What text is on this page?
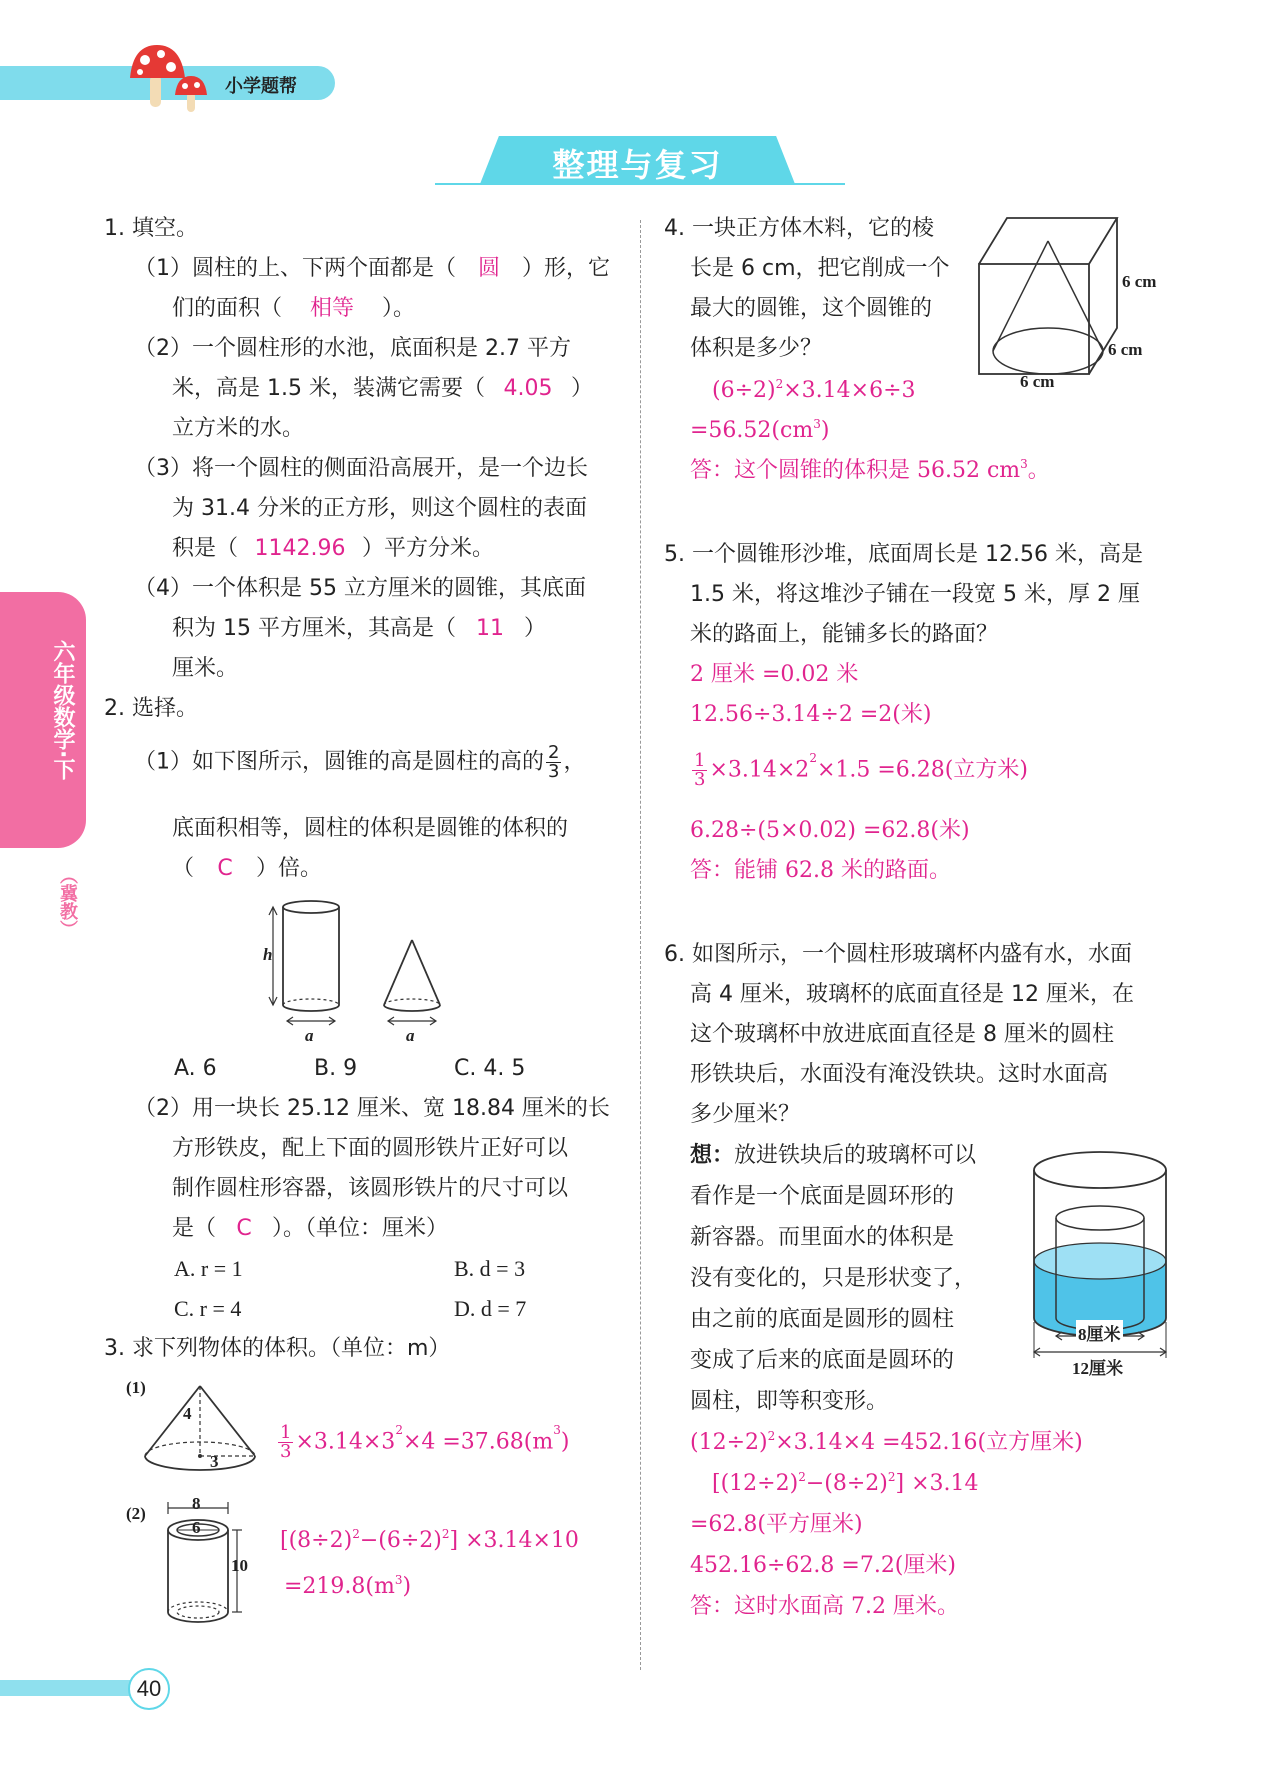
小学题帮
整理与复习
六年级数学·下
（冀教）
40
1. 填空。
（1）圆柱的上、下两个面都是（ 圆 ）形，它
们的面积（ 相等 ）。
（2）一个圆柱形的水池，底面积是 2.7 平方
米，高是 1.5 米，装满它需要（ 4.05 ）
立方米的水。
（3）将一个圆柱的侧面沿高展开，是一个边长
为 31.4 分米的正方形，则这个圆柱的表面
积是（ 1142.96 ）平方分米。
（4）一个体积是 55 立方厘米的圆锥，其底面
积为 15 平方厘米，其高是（ 11 ）
厘米。
2. 选择。
（1）如下图所示，圆锥的高是圆柱的高的 $\frac{2}{3}$ ，
底面积相等，圆柱的体积是圆锥的体积的
（ C ）倍。
h
a	a
A. 6	B. 9	C. 4. 5
（2）用一块长 25.12 厘米、宽 18.84 厘米的长
方形铁皮，配上下面的圆形铁片正好可以
制作圆柱形容器，该圆形铁片的尺寸可以
是（ C ）。（单位：厘米）
A. r = 1	B. d = 3
C. r = 4	D. d = 7
3. 求下列物体的体积。（单位：m）
(1)
4
3
$\frac{1}{3} \times 3.14\times 3^2\times 4 =37.68(m^3)$
(2)
8
6
10
$[(8\div 2)^2-(6\div 2)^2] \times 3.14\times 10$
$=219.8(m^3)$
4. 一块正方体木料，它的棱
长是 6 cm，把它削成一个
最大的圆锥，这个圆锥的
体积是多少？
6 cm
6 cm
6 cm
$(6\div 2)^2\times 3.14\times 6\div 3$
$=56.52(cm^3)$
答：这个圆锥的体积是 56.52 $cm^3$。
5. 一个圆锥形沙堆，底面周长是 12.56 米，高是
1.5 米，将这堆沙子铺在一段宽 5 米，厚 2 厘
米的路面上，能铺多长的路面？
2 厘米 =0.02 米
12.56÷3.14÷2 =2(米)
$\frac{1}{3} \times 3.14\times 2^2\times 1.5 =6.28$(立方米)
6.28÷(5×0.02) =62.8(米)
答：能铺 62.8 米的路面。
6. 如图所示，一个圆柱形玻璃杯内盛有水，水面
高 4 厘米，玻璃杯的底面直径是 12 厘米，在
这个玻璃杯中放进底面直径是 8 厘米的圆柱
形铁块后，水面没有淹没铁块。这时水面高
多少厘米？
想：放进铁块后的玻璃杯可以
看作是一个底面是圆环形的
新容器。而里面水的体积是
没有变化的，只是形状变了，
由之前的底面是圆形的圆柱
变成了后来的底面是圆环的
圆柱，即等积变形。
8厘米
12厘米
$(12\div 2)^2\times 3.14\times 4 =452.16$(立方厘米)
$[(12\div 2)^2-(8\div 2)^2] \times 3.14$
=62.8(平方厘米)
452.16÷62.8 =7.2(厘米)
答：这时水面高 7.2 厘米。
